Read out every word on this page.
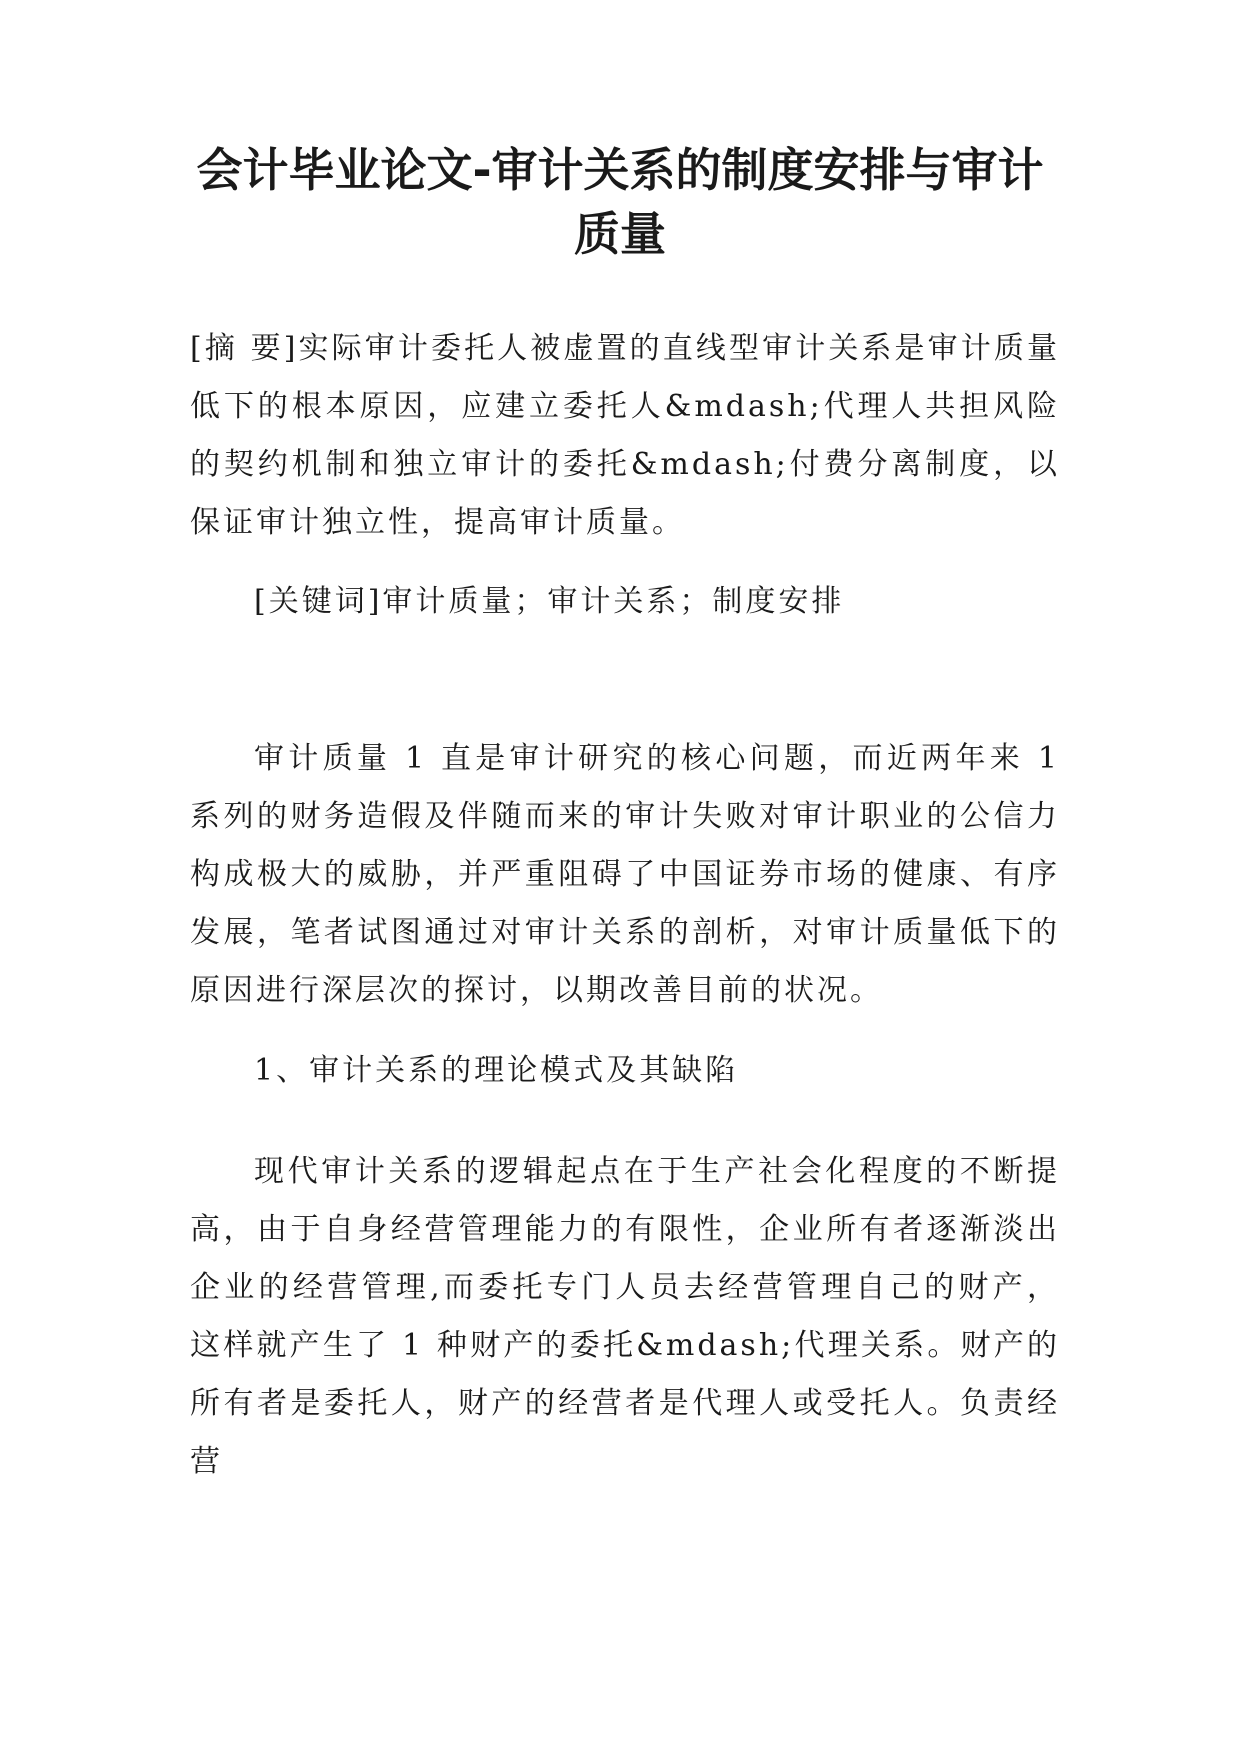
会计毕业论文-审计关系的制度安排与审计
质量

[摘 要]实际审计委托人被虚置的直线型审计关系是审计质量低下的根本原因，应建立委托人&mdash;代理人共担风险的契约机制和独立审计的委托&mdash;付费分离制度，以保证审计独立性，提高审计质量。

[关键词]审计质量；审计关系；制度安排

审计质量 1 直是审计研究的核心问题，而近两年来 1 系列的财务造假及伴随而来的审计失败对审计职业的公信力构成极大的威胁，并严重阻碍了中国证券市场的健康、有序发展，笔者试图通过对审计关系的剖析，对审计质量低下的原因进行深层次的探讨，以期改善目前的状况。

1、审计关系的理论模式及其缺陷

现代审计关系的逻辑起点在于生产社会化程度的不断提高，由于自身经营管理能力的有限性，企业所有者逐渐淡出企业的经营管理,而委托专门人员去经营管理自己的财产，这样就产生了 1 种财产的委托&mdash;代理关系。财产的所有者是委托人，财产的经营者是代理人或受托人。负责经营
